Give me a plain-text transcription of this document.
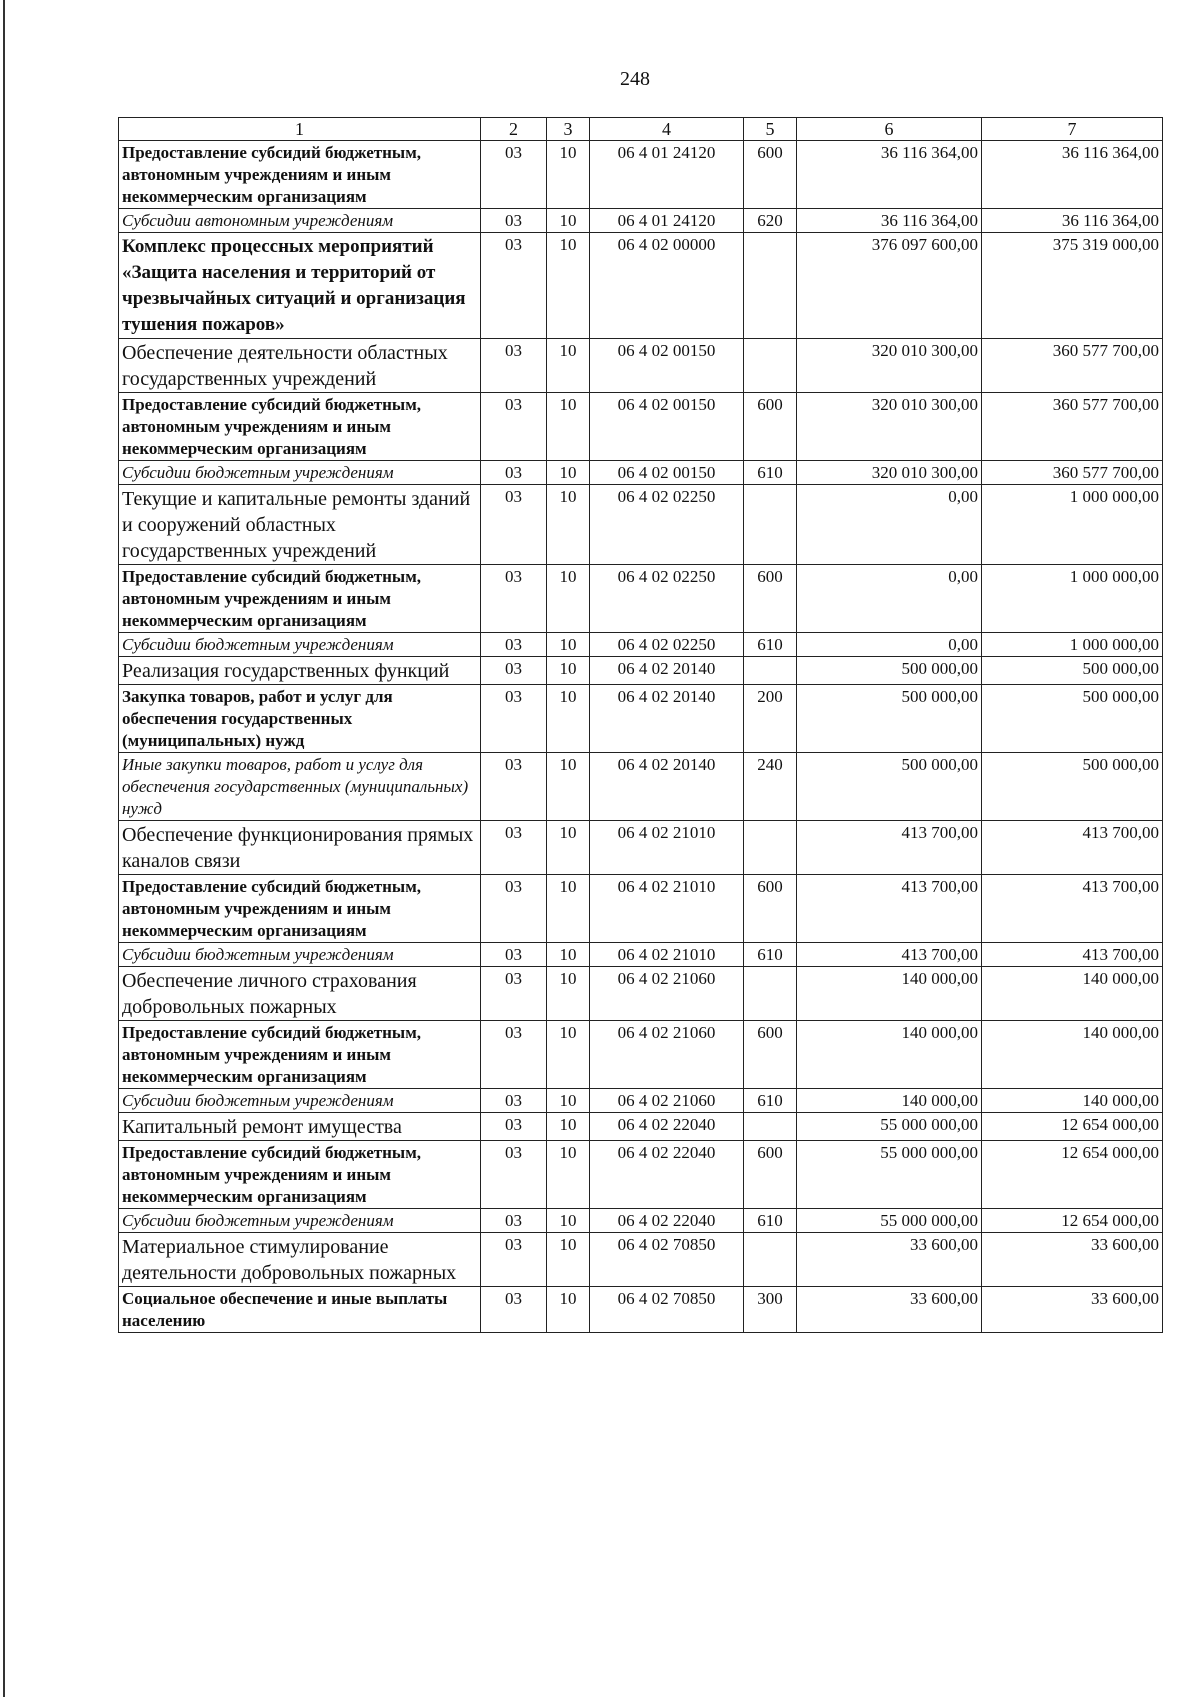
248
1	2	3	4	5	6	7
Предоставление субсидий бюджетным, автономным учреждениям и иным некоммерческим организациям	03	10	06 4 01 24120	600	36 116 364,00	36 116 364,00
Субсидии автономным учреждениям	03	10	06 4 01 24120	620	36 116 364,00	36 116 364,00
Комплекс процессных мероприятий «Защита населения и территорий от чрезвычайных ситуаций и организация тушения пожаров»	03	10	06 4 02 00000		376 097 600,00	375 319 000,00
Обеспечение деятельности областных государственных учреждений	03	10	06 4 02 00150		320 010 300,00	360 577 700,00
Предоставление субсидий бюджетным, автономным учреждениям и иным некоммерческим организациям	03	10	06 4 02 00150	600	320 010 300,00	360 577 700,00
Субсидии бюджетным учреждениям	03	10	06 4 02 00150	610	320 010 300,00	360 577 700,00
Текущие и капитальные ремонты зданий и сооружений областных государственных учреждений	03	10	06 4 02 02250		0,00	1 000 000,00
Предоставление субсидий бюджетным, автономным учреждениям и иным некоммерческим организациям	03	10	06 4 02 02250	600	0,00	1 000 000,00
Субсидии бюджетным учреждениям	03	10	06 4 02 02250	610	0,00	1 000 000,00
Реализация государственных функций	03	10	06 4 02 20140		500 000,00	500 000,00
Закупка товаров, работ и услуг для обеспечения государственных (муниципальных) нужд	03	10	06 4 02 20140	200	500 000,00	500 000,00
Иные закупки товаров, работ и услуг для обеспечения государственных (муниципальных) нужд	03	10	06 4 02 20140	240	500 000,00	500 000,00
Обеспечение функционирования прямых каналов связи	03	10	06 4 02 21010		413 700,00	413 700,00
Предоставление субсидий бюджетным, автономным учреждениям и иным некоммерческим организациям	03	10	06 4 02 21010	600	413 700,00	413 700,00
Субсидии бюджетным учреждениям	03	10	06 4 02 21010	610	413 700,00	413 700,00
Обеспечение личного страхования добровольных пожарных	03	10	06 4 02 21060		140 000,00	140 000,00
Предоставление субсидий бюджетным, автономным учреждениям и иным некоммерческим организациям	03	10	06 4 02 21060	600	140 000,00	140 000,00
Субсидии бюджетным учреждениям	03	10	06 4 02 21060	610	140 000,00	140 000,00
Капитальный ремонт имущества	03	10	06 4 02 22040		55 000 000,00	12 654 000,00
Предоставление субсидий бюджетным, автономным учреждениям и иным некоммерческим организациям	03	10	06 4 02 22040	600	55 000 000,00	12 654 000,00
Субсидии бюджетным учреждениям	03	10	06 4 02 22040	610	55 000 000,00	12 654 000,00
Материальное стимулирование деятельности добровольных пожарных	03	10	06 4 02 70850		33 600,00	33 600,00
Социальное обеспечение и иные выплаты населению	03	10	06 4 02 70850	300	33 600,00	33 600,00
